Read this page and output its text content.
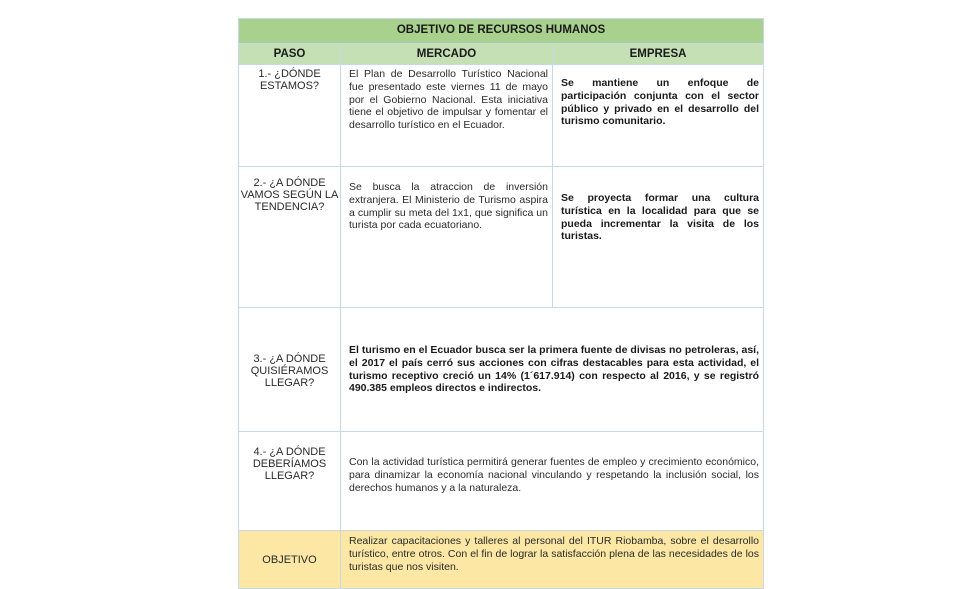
OBJETIVO DE RECURSOS HUMANOS		
PASO	MERCADO	EMPRESA
1.- ¿DÓNDE ESTAMOS?	El Plan de Desarrollo Turístico Nacional fue presentado este viernes 11 de mayo por el Gobierno Nacional. Esta iniciativa tiene el objetivo de impulsar y fomentar el desarrollo turístico en el Ecuador.	Se mantiene un enfoque de participación conjunta con el sector público y privado en el desarrollo del turismo comunitario.
2.- ¿A DÓNDE VAMOS SEGÚN LA TENDENCIA?	Se busca la atraccion de inversión extranjera. El Ministerio de Turismo aspira a cumplir su meta del 1x1, que significa un turista por cada ecuatoriano.	Se proyecta formar una cultura turística en la localidad para que se pueda incrementar la visita de los turistas.
3.- ¿A DÓNDE QUISIÉRAMOS LLEGAR?	El turismo en el Ecuador busca ser la primera fuente de divisas no petroleras, así, el 2017 el país cerró sus acciones con cifras destacables para esta actividad, el turismo receptivo creció un 14% (1´617.914) con respecto al 2016, y se registró 490.385 empleos directos e indirectos.	
4.- ¿A DÓNDE DEBERÍAMOS LLEGAR?	Con la actividad turística permitirá generar fuentes de empleo y crecimiento económico, para dinamizar la economía nacional vinculando y respetando la inclusión social, los derechos humanos y a la naturaleza.	
OBJETIVO	Realizar capacitaciones y talleres al personal del ITUR Riobamba, sobre el desarrollo turístico, entre otros. Con el fin de lograr la satisfacción plena de las necesidades de los turistas que nos visiten.	
